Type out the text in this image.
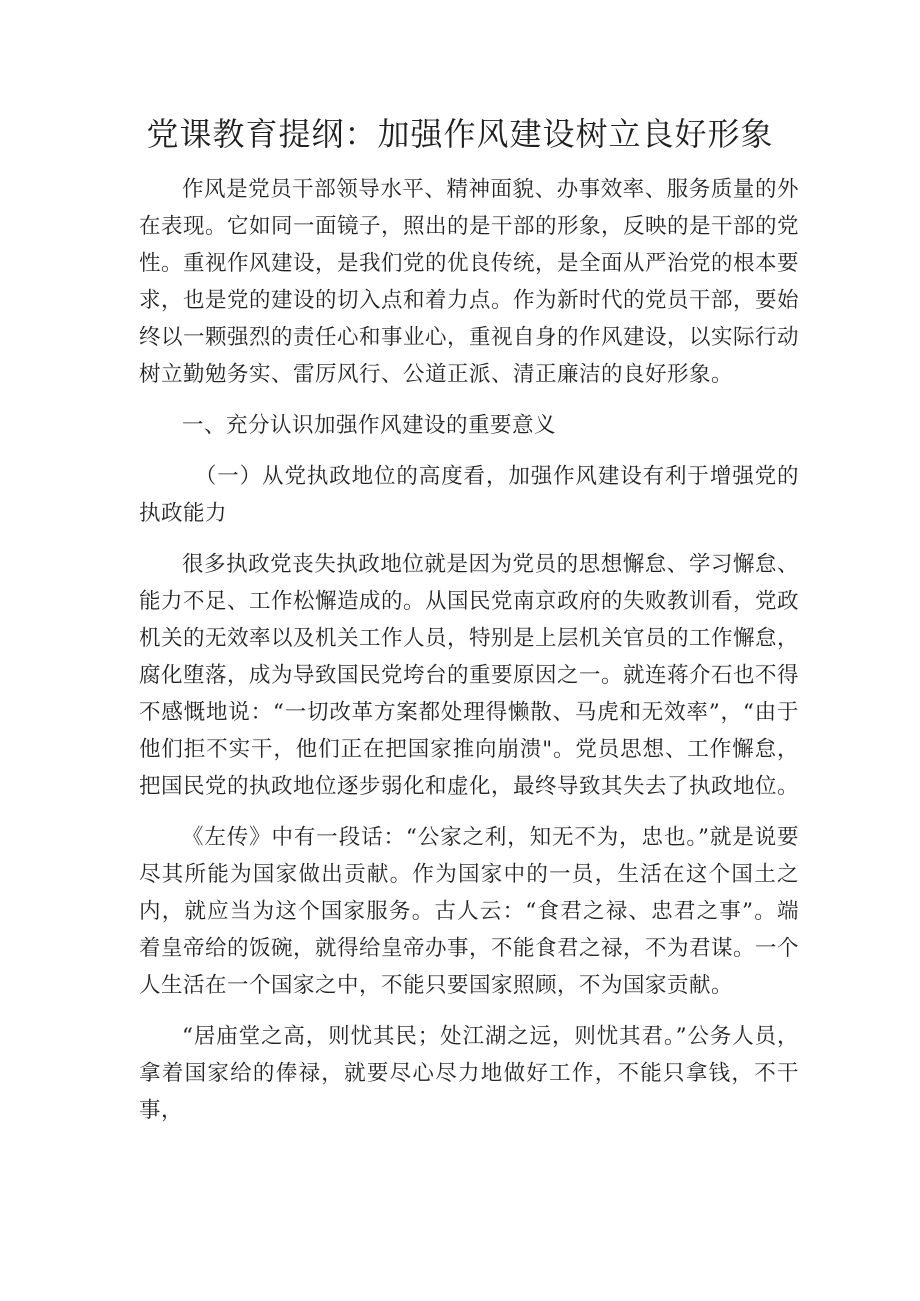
党课教育提纲：加强作风建设树立良好形象

作风是党员干部领导水平、精神面貌、办事效率、服务质量的外在表现。它如同一面镜子，照出的是干部的形象，反映的是干部的党性。重视作风建设，是我们党的优良传统，是全面从严治党的根本要求，也是党的建设的切入点和着力点。作为新时代的党员干部，要始终以一颗强烈的责任心和事业心，重视自身的作风建设，以实际行动树立勤勉务实、雷厉风行、公道正派、清正廉洁的良好形象。

一、充分认识加强作风建设的重要意义

（一）从党执政地位的高度看，加强作风建设有利于增强党的执政能力

很多执政党丧失执政地位就是因为党员的思想懈怠、学习懈怠、能力不足、工作松懈造成的。从国民党南京政府的失败教训看，党政机关的无效率以及机关工作人员，特别是上层机关官员的工作懈怠，腐化堕落，成为导致国民党垮台的重要原因之一。就连蒋介石也不得不感慨地说：“一切改革方案都处理得懒散、马虎和无效率”，“由于他们拒不实干，他们正在把国家推向崩溃"。党员思想、工作懈怠，把国民党的执政地位逐步弱化和虚化，最终导致其失去了执政地位。

《左传》中有一段话：“公家之利，知无不为，忠也。”就是说要尽其所能为国家做出贡献。作为国家中的一员，生活在这个国土之内，就应当为这个国家服务。古人云：“食君之禄、忠君之事”。端着皇帝给的饭碗，就得给皇帝办事，不能食君之禄，不为君谋。一个人生活在一个国家之中，不能只要国家照顾，不为国家贡献。

“居庙堂之高，则忧其民；处江湖之远，则忧其君。”公务人员，拿着国家给的俸禄，就要尽心尽力地做好工作，不能只拿钱，不干事，
